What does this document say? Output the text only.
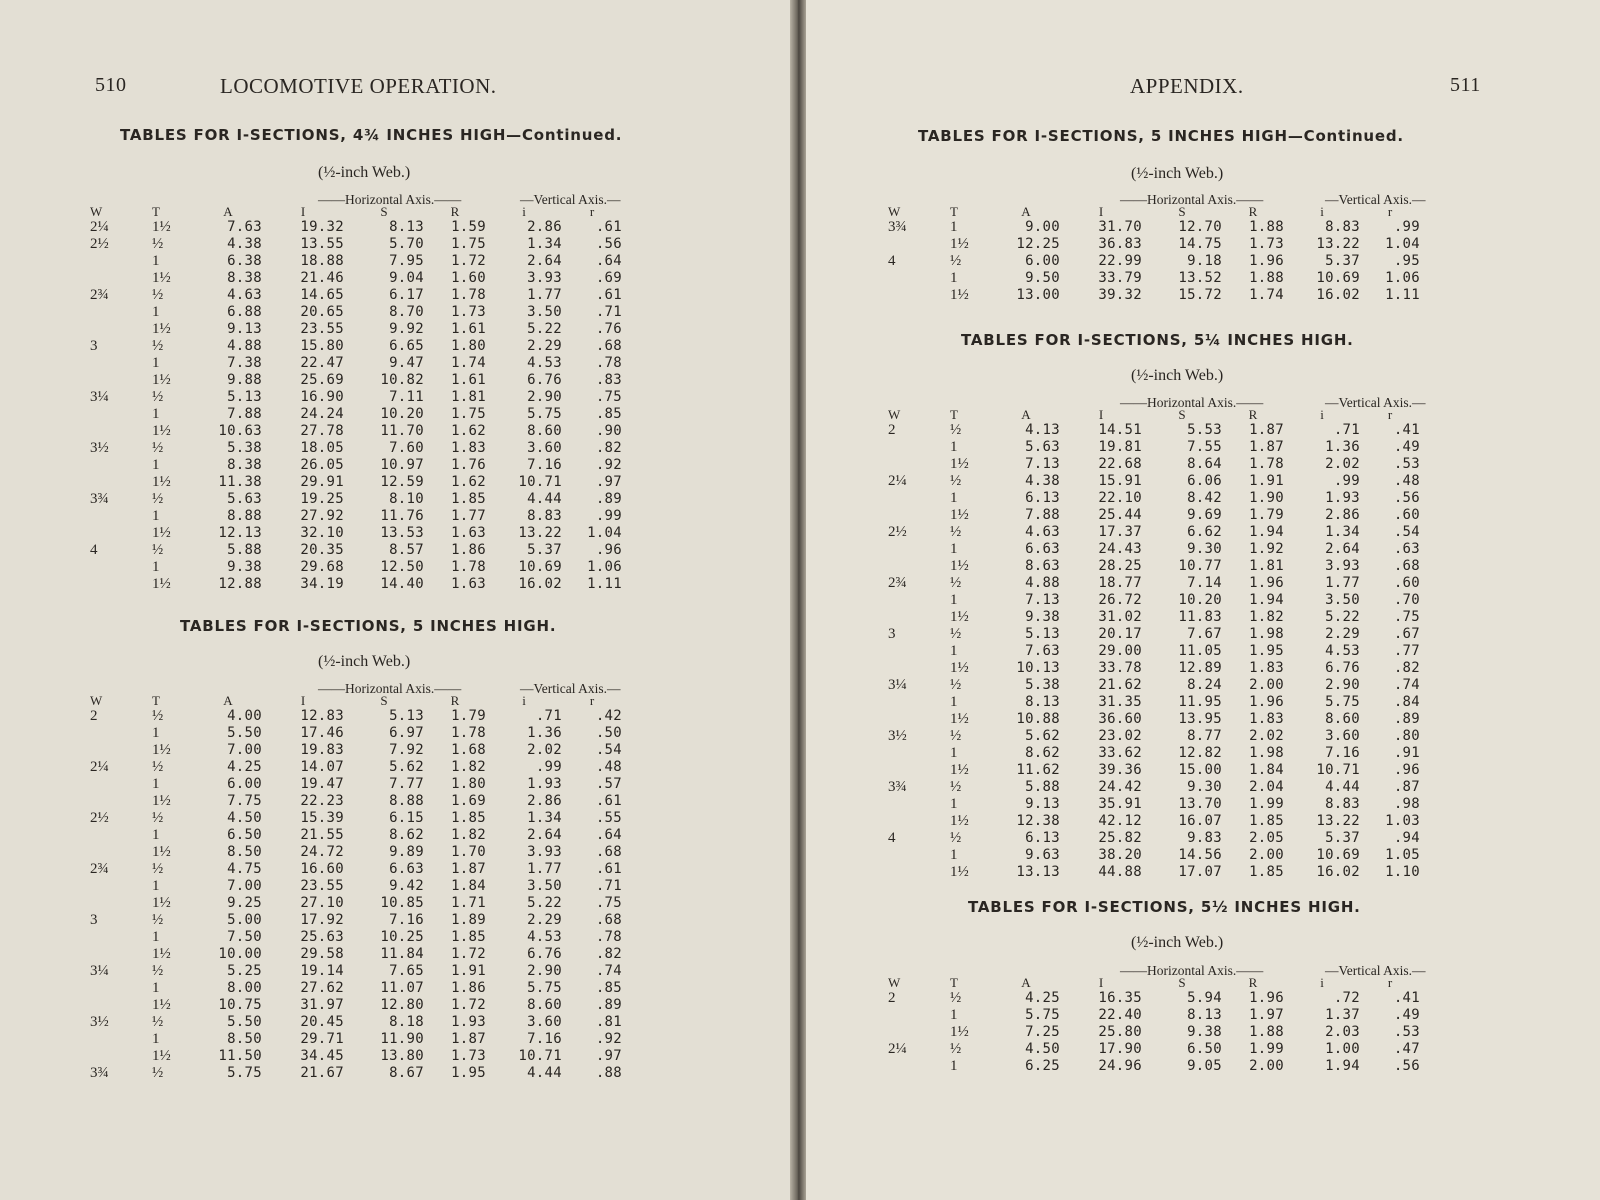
510	LOCOMOTIVE OPERATION.
TABLES FOR I-SECTIONS, 4¾ INCHES HIGH—Continued.
(½-inch Web.)
——Horizontal Axis.——	—Vertical Axis.—
W	T	A	I	S	R	i	r
2¼	1½	7.63	19.32	8.13	1.59	2.86	.61
2½	½	4.38	13.55	5.70	1.75	1.34	.56
	1	6.38	18.88	7.95	1.72	2.64	.64
	1½	8.38	21.46	9.04	1.60	3.93	.69
2¾	½	4.63	14.65	6.17	1.78	1.77	.61
	1	6.88	20.65	8.70	1.73	3.50	.71
	1½	9.13	23.55	9.92	1.61	5.22	.76
3	½	4.88	15.80	6.65	1.80	2.29	.68
	1	7.38	22.47	9.47	1.74	4.53	.78
	1½	9.88	25.69	10.82	1.61	6.76	.83
3¼	½	5.13	16.90	7.11	1.81	2.90	.75
	1	7.88	24.24	10.20	1.75	5.75	.85
	1½	10.63	27.78	11.70	1.62	8.60	.90
3½	½	5.38	18.05	7.60	1.83	3.60	.82
	1	8.38	26.05	10.97	1.76	7.16	.92
	1½	11.38	29.91	12.59	1.62	10.71	.97
3¾	½	5.63	19.25	8.10	1.85	4.44	.89
	1	8.88	27.92	11.76	1.77	8.83	.99
	1½	12.13	32.10	13.53	1.63	13.22	1.04
4	½	5.88	20.35	8.57	1.86	5.37	.96
	1	9.38	29.68	12.50	1.78	10.69	1.06
	1½	12.88	34.19	14.40	1.63	16.02	1.11
TABLES FOR I-SECTIONS, 5 INCHES HIGH.
(½-inch Web.)
——Horizontal Axis.——	—Vertical Axis.—
W	T	A	I	S	R	i	r
2	½	4.00	12.83	5.13	1.79	.71	.42
	1	5.50	17.46	6.97	1.78	1.36	.50
	1½	7.00	19.83	7.92	1.68	2.02	.54
2¼	½	4.25	14.07	5.62	1.82	.99	.48
	1	6.00	19.47	7.77	1.80	1.93	.57
	1½	7.75	22.23	8.88	1.69	2.86	.61
2½	½	4.50	15.39	6.15	1.85	1.34	.55
	1	6.50	21.55	8.62	1.82	2.64	.64
	1½	8.50	24.72	9.89	1.70	3.93	.68
2¾	½	4.75	16.60	6.63	1.87	1.77	.61
	1	7.00	23.55	9.42	1.84	3.50	.71
	1½	9.25	27.10	10.85	1.71	5.22	.75
3	½	5.00	17.92	7.16	1.89	2.29	.68
	1	7.50	25.63	10.25	1.85	4.53	.78
	1½	10.00	29.58	11.84	1.72	6.76	.82
3¼	½	5.25	19.14	7.65	1.91	2.90	.74
	1	8.00	27.62	11.07	1.86	5.75	.85
	1½	10.75	31.97	12.80	1.72	8.60	.89
3½	½	5.50	20.45	8.18	1.93	3.60	.81
	1	8.50	29.71	11.90	1.87	7.16	.92
	1½	11.50	34.45	13.80	1.73	10.71	.97
3¾	½	5.75	21.67	8.67	1.95	4.44	.88
APPENDIX.	511
TABLES FOR I-SECTIONS, 5 INCHES HIGH—Continued.
(½-inch Web.)
——Horizontal Axis.——	—Vertical Axis.—
W	T	A	I	S	R	i	r
3¾	1	9.00	31.70	12.70	1.88	8.83	.99
	1½	12.25	36.83	14.75	1.73	13.22	1.04
4	½	6.00	22.99	9.18	1.96	5.37	.95
	1	9.50	33.79	13.52	1.88	10.69	1.06
	1½	13.00	39.32	15.72	1.74	16.02	1.11
TABLES FOR I-SECTIONS, 5¼ INCHES HIGH.
(½-inch Web.)
——Horizontal Axis.——	—Vertical Axis.—
W	T	A	I	S	R	i	r
2	½	4.13	14.51	5.53	1.87	.71	.41
	1	5.63	19.81	7.55	1.87	1.36	.49
	1½	7.13	22.68	8.64	1.78	2.02	.53
2¼	½	4.38	15.91	6.06	1.91	.99	.48
	1	6.13	22.10	8.42	1.90	1.93	.56
	1½	7.88	25.44	9.69	1.79	2.86	.60
2½	½	4.63	17.37	6.62	1.94	1.34	.54
	1	6.63	24.43	9.30	1.92	2.64	.63
	1½	8.63	28.25	10.77	1.81	3.93	.68
2¾	½	4.88	18.77	7.14	1.96	1.77	.60
	1	7.13	26.72	10.20	1.94	3.50	.70
	1½	9.38	31.02	11.83	1.82	5.22	.75
3	½	5.13	20.17	7.67	1.98	2.29	.67
	1	7.63	29.00	11.05	1.95	4.53	.77
	1½	10.13	33.78	12.89	1.83	6.76	.82
3¼	½	5.38	21.62	8.24	2.00	2.90	.74
	1	8.13	31.35	11.95	1.96	5.75	.84
	1½	10.88	36.60	13.95	1.83	8.60	.89
3½	½	5.62	23.02	8.77	2.02	3.60	.80
	1	8.62	33.62	12.82	1.98	7.16	.91
	1½	11.62	39.36	15.00	1.84	10.71	.96
3¾	½	5.88	24.42	9.30	2.04	4.44	.87
	1	9.13	35.91	13.70	1.99	8.83	.98
	1½	12.38	42.12	16.07	1.85	13.22	1.03
4	½	6.13	25.82	9.83	2.05	5.37	.94
	1	9.63	38.20	14.56	2.00	10.69	1.05
	1½	13.13	44.88	17.07	1.85	16.02	1.10
TABLES FOR I-SECTIONS, 5½ INCHES HIGH.
(½-inch Web.)
——Horizontal Axis.——	—Vertical Axis.—
W	T	A	I	S	R	i	r
2	½	4.25	16.35	5.94	1.96	.72	.41
	1	5.75	22.40	8.13	1.97	1.37	.49
	1½	7.25	25.80	9.38	1.88	2.03	.53
2¼	½	4.50	17.90	6.50	1.99	1.00	.47
	1	6.25	24.96	9.05	2.00	1.94	.56
